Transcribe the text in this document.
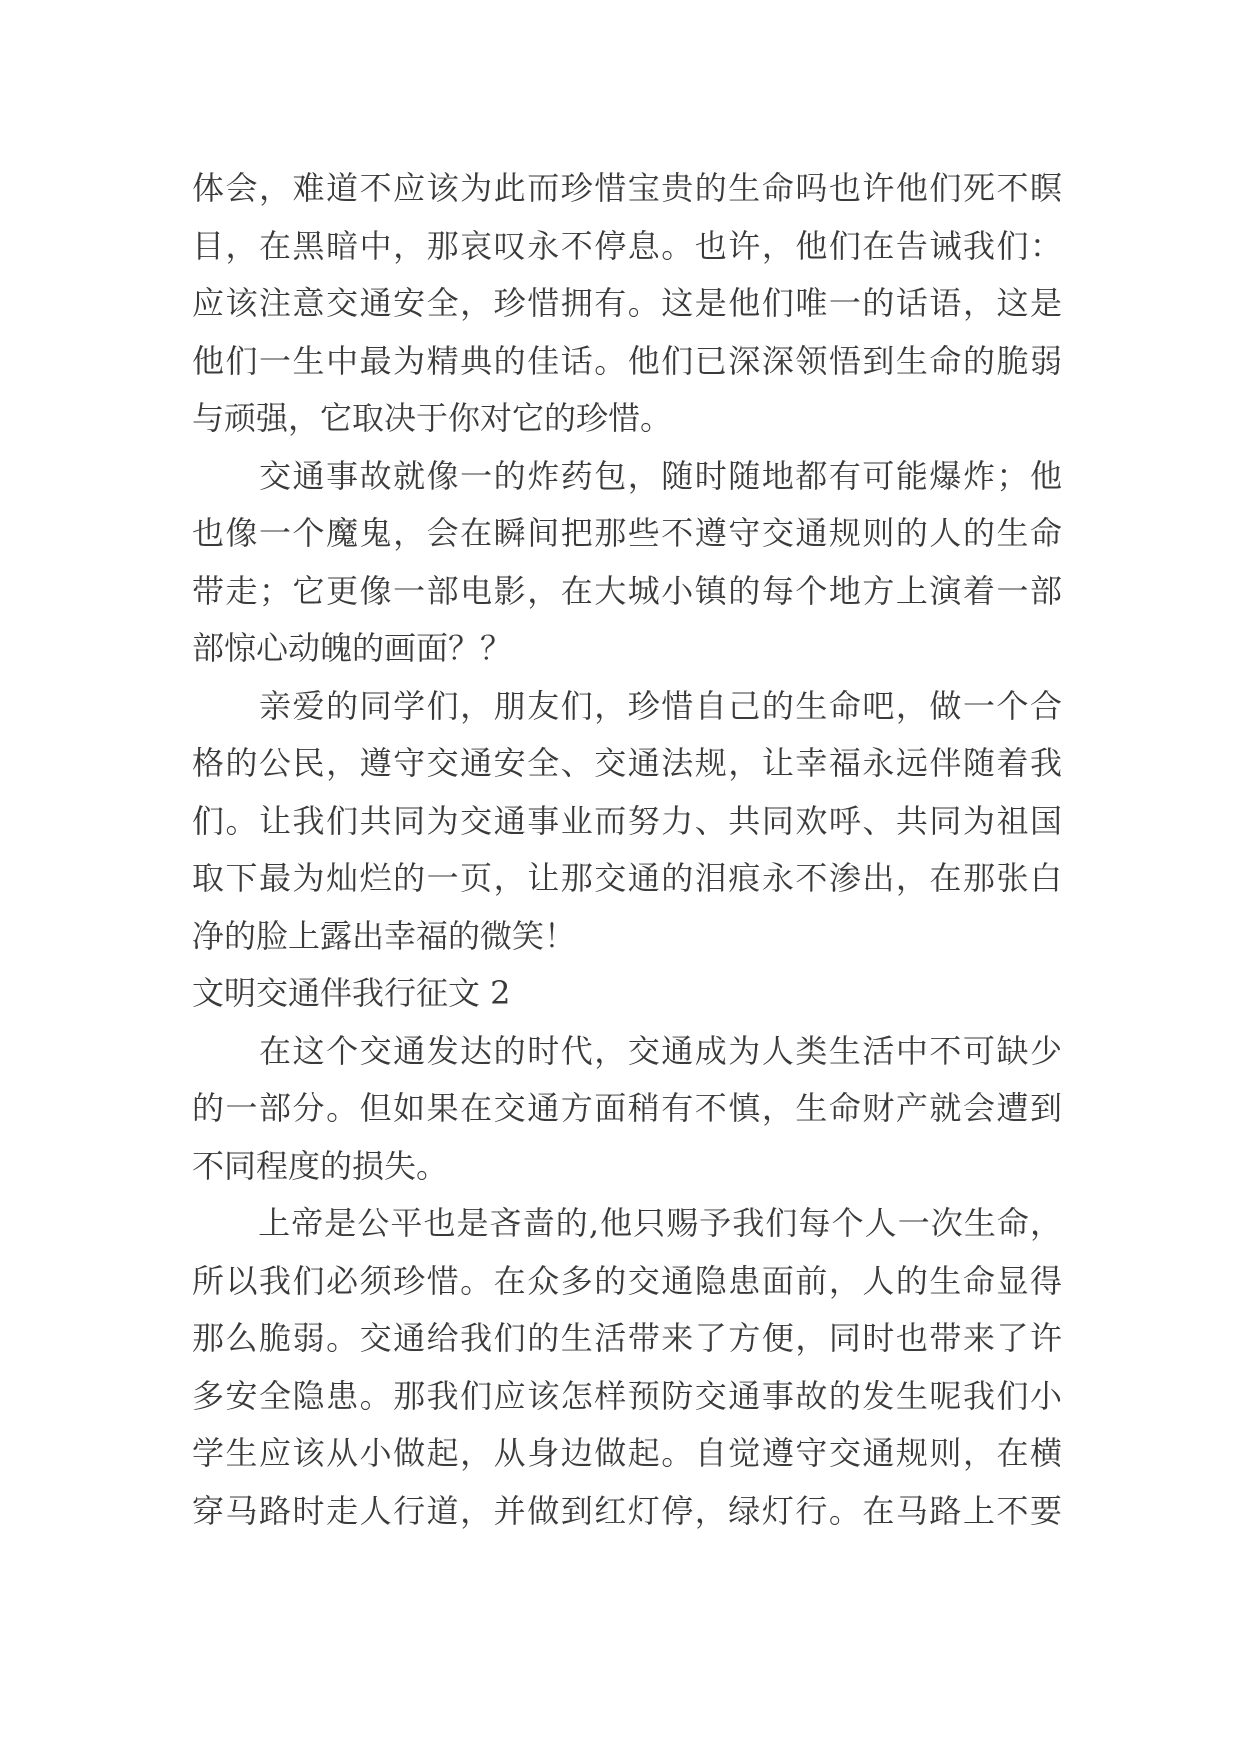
体会，难道不应该为此而珍惜宝贵的生命吗也许他们死不瞑
目，在黑暗中，那哀叹永不停息。也许，他们在告诫我们：
应该注意交通安全，珍惜拥有。这是他们唯一的话语，这是
他们一生中最为精典的佳话。他们已深深领悟到生命的脆弱
与顽强，它取决于你对它的珍惜。
　　交通事故就像一的炸药包，随时随地都有可能爆炸；他
也像一个魔鬼，会在瞬间把那些不遵守交通规则的人的生命
带走；它更像一部电影，在大城小镇的每个地方上演着一部
部惊心动魄的画面？？
　　亲爱的同学们，朋友们，珍惜自己的生命吧，做一个合
格的公民，遵守交通安全、交通法规，让幸福永远伴随着我
们。让我们共同为交通事业而努力、共同欢呼、共同为祖国
取下最为灿烂的一页，让那交通的泪痕永不渗出，在那张白
净的脸上露出幸福的微笑！
文明交通伴我行征文 2
　　在这个交通发达的时代，交通成为人类生活中不可缺少
的一部分。但如果在交通方面稍有不慎，生命财产就会遭到
不同程度的损失。
　　上帝是公平也是吝啬的,他只赐予我们每个人一次生命，
所以我们必须珍惜。在众多的交通隐患面前，人的生命显得
那么脆弱。交通给我们的生活带来了方便，同时也带来了许
多安全隐患。那我们应该怎样预防交通事故的发生呢我们小
学生应该从小做起，从身边做起。自觉遵守交通规则，在横
穿马路时走人行道，并做到红灯停，绿灯行。在马路上不要
